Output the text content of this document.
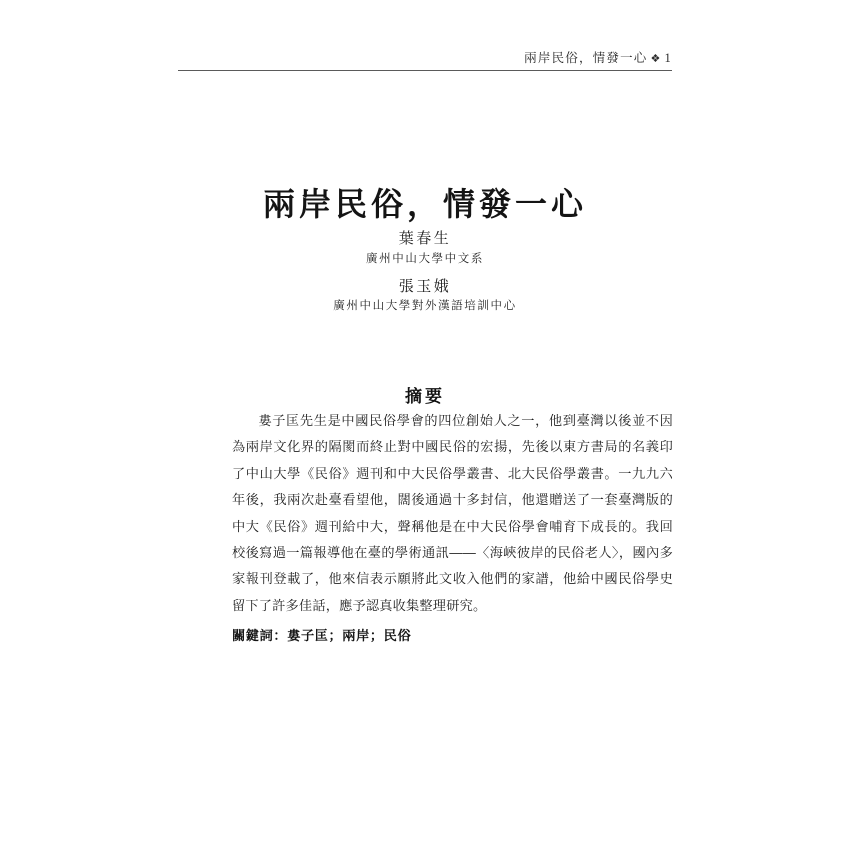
兩岸民俗，情發一心 ❖ 1
兩岸民俗，情發一心

葉春生

廣州中山大學中文系

張玉娥

廣州中山大學對外漢語培訓中心

摘要

婁子匡先生是中國民俗學會的四位創始人之一，他到臺灣以後並不因為兩岸文化界的隔閡而終止對中國民俗的宏揚，先後以東方書局的名義印了中山大學《民俗》週刊和中大民俗學叢書、北大民俗學叢書。一九九六年後，我兩次赴臺看望他，闊後通過十多封信，他還贈送了一套臺灣版的中大《民俗》週刊給中大，聲稱他是在中大民俗學會哺育下成長的。我回校後寫過一篇報導他在臺的學術通訊——〈海峽彼岸的民俗老人〉，國內多家報刊登載了，他來信表示願將此文收入他們的家譜，他給中國民俗學史留下了許多佳話，應予認真收集整理研究。

關鍵詞：婁子匡；兩岸；民俗
